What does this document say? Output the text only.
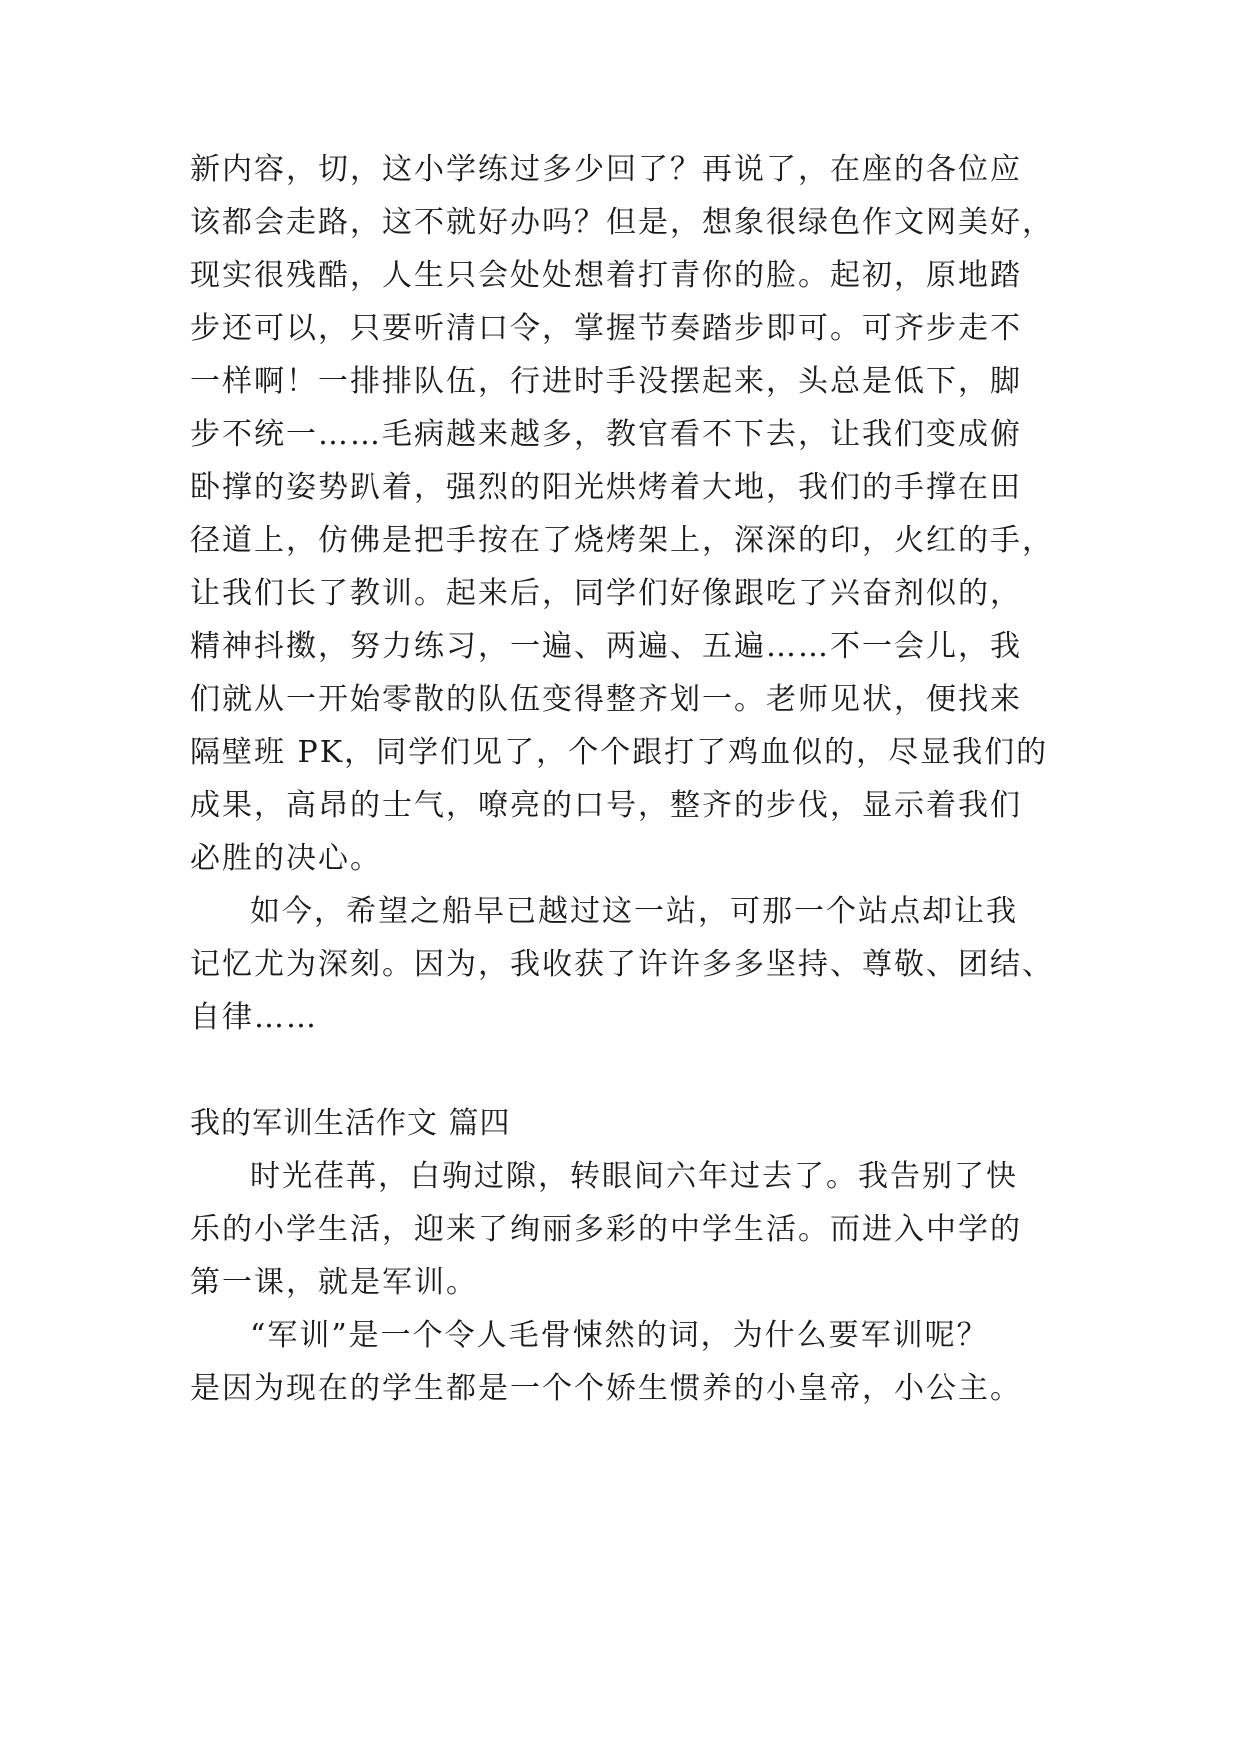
新内容，切，这小学练过多少回了？再说了，在座的各位应

该都会走路，这不就好办吗？但是，想象很绿色作文网美好，

现实很残酷，人生只会处处想着打青你的脸。起初，原地踏

步还可以，只要听清口令，掌握节奏踏步即可。可齐步走不

一样啊！一排排队伍，行进时手没摆起来，头总是低下，脚

步不统一……毛病越来越多，教官看不下去，让我们变成俯

卧撑的姿势趴着，强烈的阳光烘烤着大地，我们的手撑在田

径道上，仿佛是把手按在了烧烤架上，深深的印，火红的手，

让我们长了教训。起来后，同学们好像跟吃了兴奋剂似的，

精神抖擞，努力练习，一遍、两遍、五遍……不一会儿，我

们就从一开始零散的队伍变得整齐划一。老师见状，便找来

隔壁班 PK，同学们见了，个个跟打了鸡血似的，尽显我们的

成果，高昂的士气，嘹亮的口号，整齐的步伐，显示着我们

必胜的决心。

如今，希望之船早已越过这一站，可那一个站点却让我

记忆尤为深刻。因为，我收获了许许多多坚持、尊敬、团结、

自律……

我的军训生活作文 篇四

时光荏苒，白驹过隙，转眼间六年过去了。我告别了快

乐的小学生活，迎来了绚丽多彩的中学生活。而进入中学的

第一课，就是军训。

“军训”是一个令人毛骨悚然的词，为什么要军训呢？

是因为现在的学生都是一个个娇生惯养的小皇帝，小公主。
